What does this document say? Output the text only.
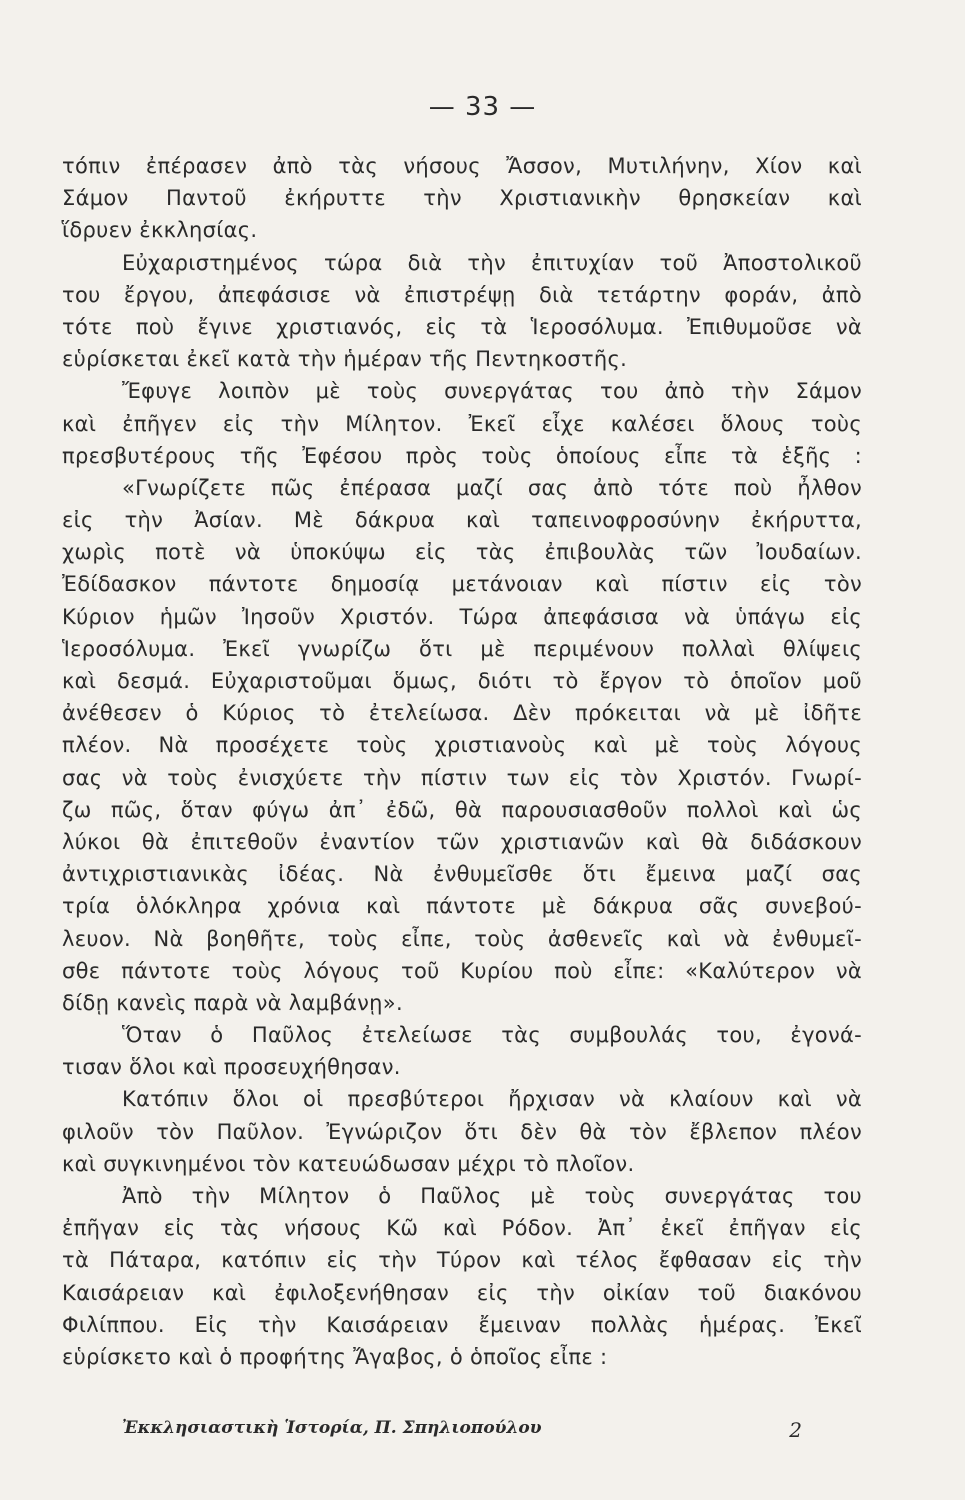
— 33 —
τόπιν ἐπέρασεν ἀπὸ τὰς νήσους Ἄσσον, Μυτιλήνην, Χίον καὶ
Σάμον Παντοῦ ἐκήρυττε τὴν Χριστιανικὴν θρησκείαν καὶ
ἵδρυεν ἐκκλησίας.
Εὐχαριστημένος τώρα διὰ τὴν ἐπιτυχίαν τοῦ Ἀποστολικοῦ
του ἔργου, ἀπεφάσισε νὰ ἐπιστρέψῃ διὰ τετάρτην φοράν, ἀπὸ
τότε ποὺ ἔγινε χριστιανός, εἰς τὰ Ἱεροσόλυμα. Ἐπιθυμοῦσε νὰ
εὑρίσκεται ἐκεῖ κατὰ τὴν ἡμέραν τῆς Πεντηκοστῆς.
Ἔφυγε λοιπὸν μὲ τοὺς συνεργάτας του ἀπὸ τὴν Σάμον
καὶ ἐπῆγεν εἰς τὴν Μίλητον. Ἐκεῖ εἶχε καλέσει ὅλους τοὺς
πρεσβυτέρους τῆς Ἐφέσου πρὸς τοὺς ὁποίους εἶπε τὰ ἑξῆς :
«Γνωρίζετε πῶς ἐπέρασα μαζί σας ἀπὸ τότε ποὺ ἦλθον
εἰς τὴν Ἀσίαν. Μὲ δάκρυα καὶ ταπεινοφροσύνην ἐκήρυττα,
χωρὶς ποτὲ νὰ ὑποκύψω εἰς τὰς ἐπιβουλὰς τῶν Ἰουδαίων.
Ἐδίδασκον πάντοτε δημοσίᾳ μετάνοιαν καὶ πίστιν εἰς τὸν
Κύριον ἡμῶν Ἰησοῦν Χριστόν. Τώρα ἀπεφάσισα νὰ ὑπάγω εἰς
Ἱεροσόλυμα. Ἐκεῖ γνωρίζω ὅτι μὲ περιμένουν πολλαὶ θλίψεις
καὶ δεσμά. Εὐχαριστοῦμαι ὅμως, διότι τὸ ἔργον τὸ ὁποῖον μοῦ
ἀνέθεσεν ὁ Κύριος τὸ ἐτελείωσα. Δὲν πρόκειται νὰ μὲ ἰδῆτε
πλέον. Νὰ προσέχετε τοὺς χριστιανοὺς καὶ μὲ τοὺς λόγους
σας νὰ τοὺς ἐνισχύετε τὴν πίστιν των εἰς τὸν Χριστόν. Γνωρί-
ζω πῶς, ὅταν φύγω ἀπ᾽ ἐδῶ, θὰ παρουσιασθοῦν πολλοὶ καὶ ὡς
λύκοι θὰ ἐπιτεθοῦν ἐναντίον τῶν χριστιανῶν καὶ θὰ διδάσκουν
ἀντιχριστιανικὰς ἰδέας. Νὰ ἐνθυμεῖσθε ὅτι ἔμεινα μαζί σας
τρία ὁλόκληρα χρόνια καὶ πάντοτε μὲ δάκρυα σᾶς συνεβού-
λευον. Νὰ βοηθῆτε, τοὺς εἶπε, τοὺς ἀσθενεῖς καὶ νὰ ἐνθυμεῖ-
σθε πάντοτε τοὺς λόγους τοῦ Κυρίου ποὺ εἶπε: «Καλύτερον νὰ
δίδῃ κανεὶς παρὰ νὰ λαμβάνῃ».
Ὅταν ὁ Παῦλος ἐτελείωσε τὰς συμβουλάς του, ἐγονά-
τισαν ὅλοι καὶ προσευχήθησαν.
Κατόπιν ὅλοι οἱ πρεσβύτεροι ἤρχισαν νὰ κλαίουν καὶ νὰ
φιλοῦν τὸν Παῦλον. Ἐγνώριζον ὅτι δὲν θὰ τὸν ἔβλεπον πλέον
καὶ συγκινημένοι τὸν κατευώδωσαν μέχρι τὸ πλοῖον.
Ἀπὸ τὴν Μίλητον ὁ Παῦλος μὲ τοὺς συνεργάτας του
ἐπῆγαν εἰς τὰς νήσους Κῶ καὶ Ρόδον. Ἀπ᾽ ἐκεῖ ἐπῆγαν εἰς
τὰ Πάταρα, κατόπιν εἰς τὴν Τύρον καὶ τέλος ἔφθασαν εἰς τὴν
Καισάρειαν καὶ ἐφιλοξενήθησαν εἰς τὴν οἰκίαν τοῦ διακόνου
Φιλίππου. Εἰς τὴν Καισάρειαν ἔμειναν πολλὰς ἡμέρας. Ἐκεῖ
εὑρίσκετο καὶ ὁ προφήτης Ἄγαβος, ὁ ὁποῖος εἶπε :
Ἐκκλησιαστικὴ Ἱστορία, Π. Σπηλιοπούλου	2
